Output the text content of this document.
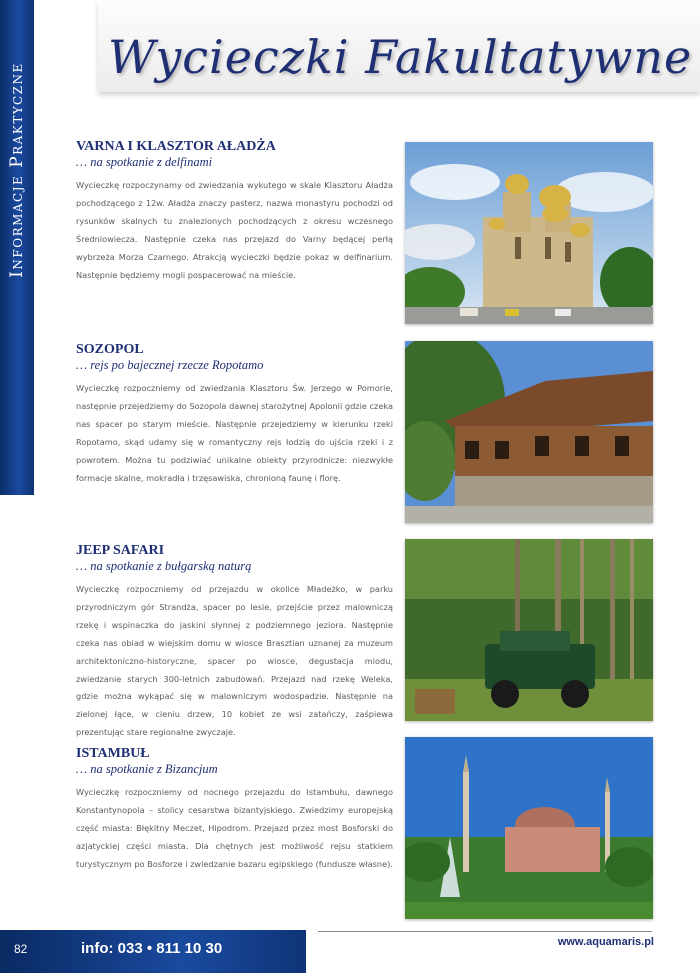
Informacje Praktyczne
Wycieczki Fakultatywne
VARNA I KLASZTOR AŁADŻA
… na spotkanie z delfinami
Wycieczkę rozpoczynamy od zwiedzania wykutego w skale Klasztoru Aładża pochodzącego z 12w. Aładża znaczy pasterz, nazwa monastyru pochodzi od rysunków skalnych tu znalezionych pochodzących z okresu wczesnego Średniowiecza. Następnie czeka nas przejazd do Varny będącej perłą wybrzeża Morza Czarnego. Atrakcją wycieczki będzie pokaz w delfinarium. Następnie będziemy mogli pospacerować na mieście.
SOZOPOL
… rejs po bajecznej rzecze Ropotamo
Wycieczkę rozpoczniemy od zwiedzania Klasztoru Św. Jerzego w Pomorie, następnie przejedziemy do Sozopola dawnej starożytnej Apolonii gdzie czeka nas spacer po starym mieście. Następnie przejedziemy w kierunku rzeki Ropotamo, skąd udamy się w romantyczny rejs łodzią do ujścia rzeki i z powrotem. Można tu podziwiać unikalne obiekty przyrodnicze: niezwykłe formacje skalne, mokradła i trzęsawiska, chronioną faunę i florę.
JEEP SAFARI
… na spotkanie z bułgarską naturą
Wycieczkę rozpoczniemy od przejazdu w okolice Mładeżko, w parku przyrodniczym gór Strandża, spacer po lesie, przejście przez malowniczą rzekę i wspinaczka do jaskini słynnej z podziemnego jeziora. Następnie czeka nas obiad w wiejskim domu w wiosce Brasztian uznanej za muzeum architektoniczno-historyczne, spacer po wiosce, degustacja miodu, zwiedzanie starych 300-letnich zabudowań. Przejazd nad rzekę Weleka, gdzie można wykąpać się w malowniczym wodospadzie. Następnie na zielonej łące, w cieniu drzew, 10 kobiet ze wsi zatańczy, zaśpiewa prezentując stare regionalne zwyczaje.
ISTAMBUŁ
… na spotkanie z Bizancjum
Wycieczkę rozpoczniemy od nocnego przejazdu do Istambułu, dawnego Konstantynopola – stolicy cesarstwa bizantyjskiego. Zwiedzimy europejską część miasta: Błękitny Meczet, Hipodrom. Przejazd przez most Bosforski do azjatyckiej części miasta. Dla chętnych jest możliwość rejsu statkiem turystycznym po Bosforze i zwiedzanie bazaru egipskiego (fundusze własne).
82	info: 033 • 811 10 30	www.aquamaris.pl
